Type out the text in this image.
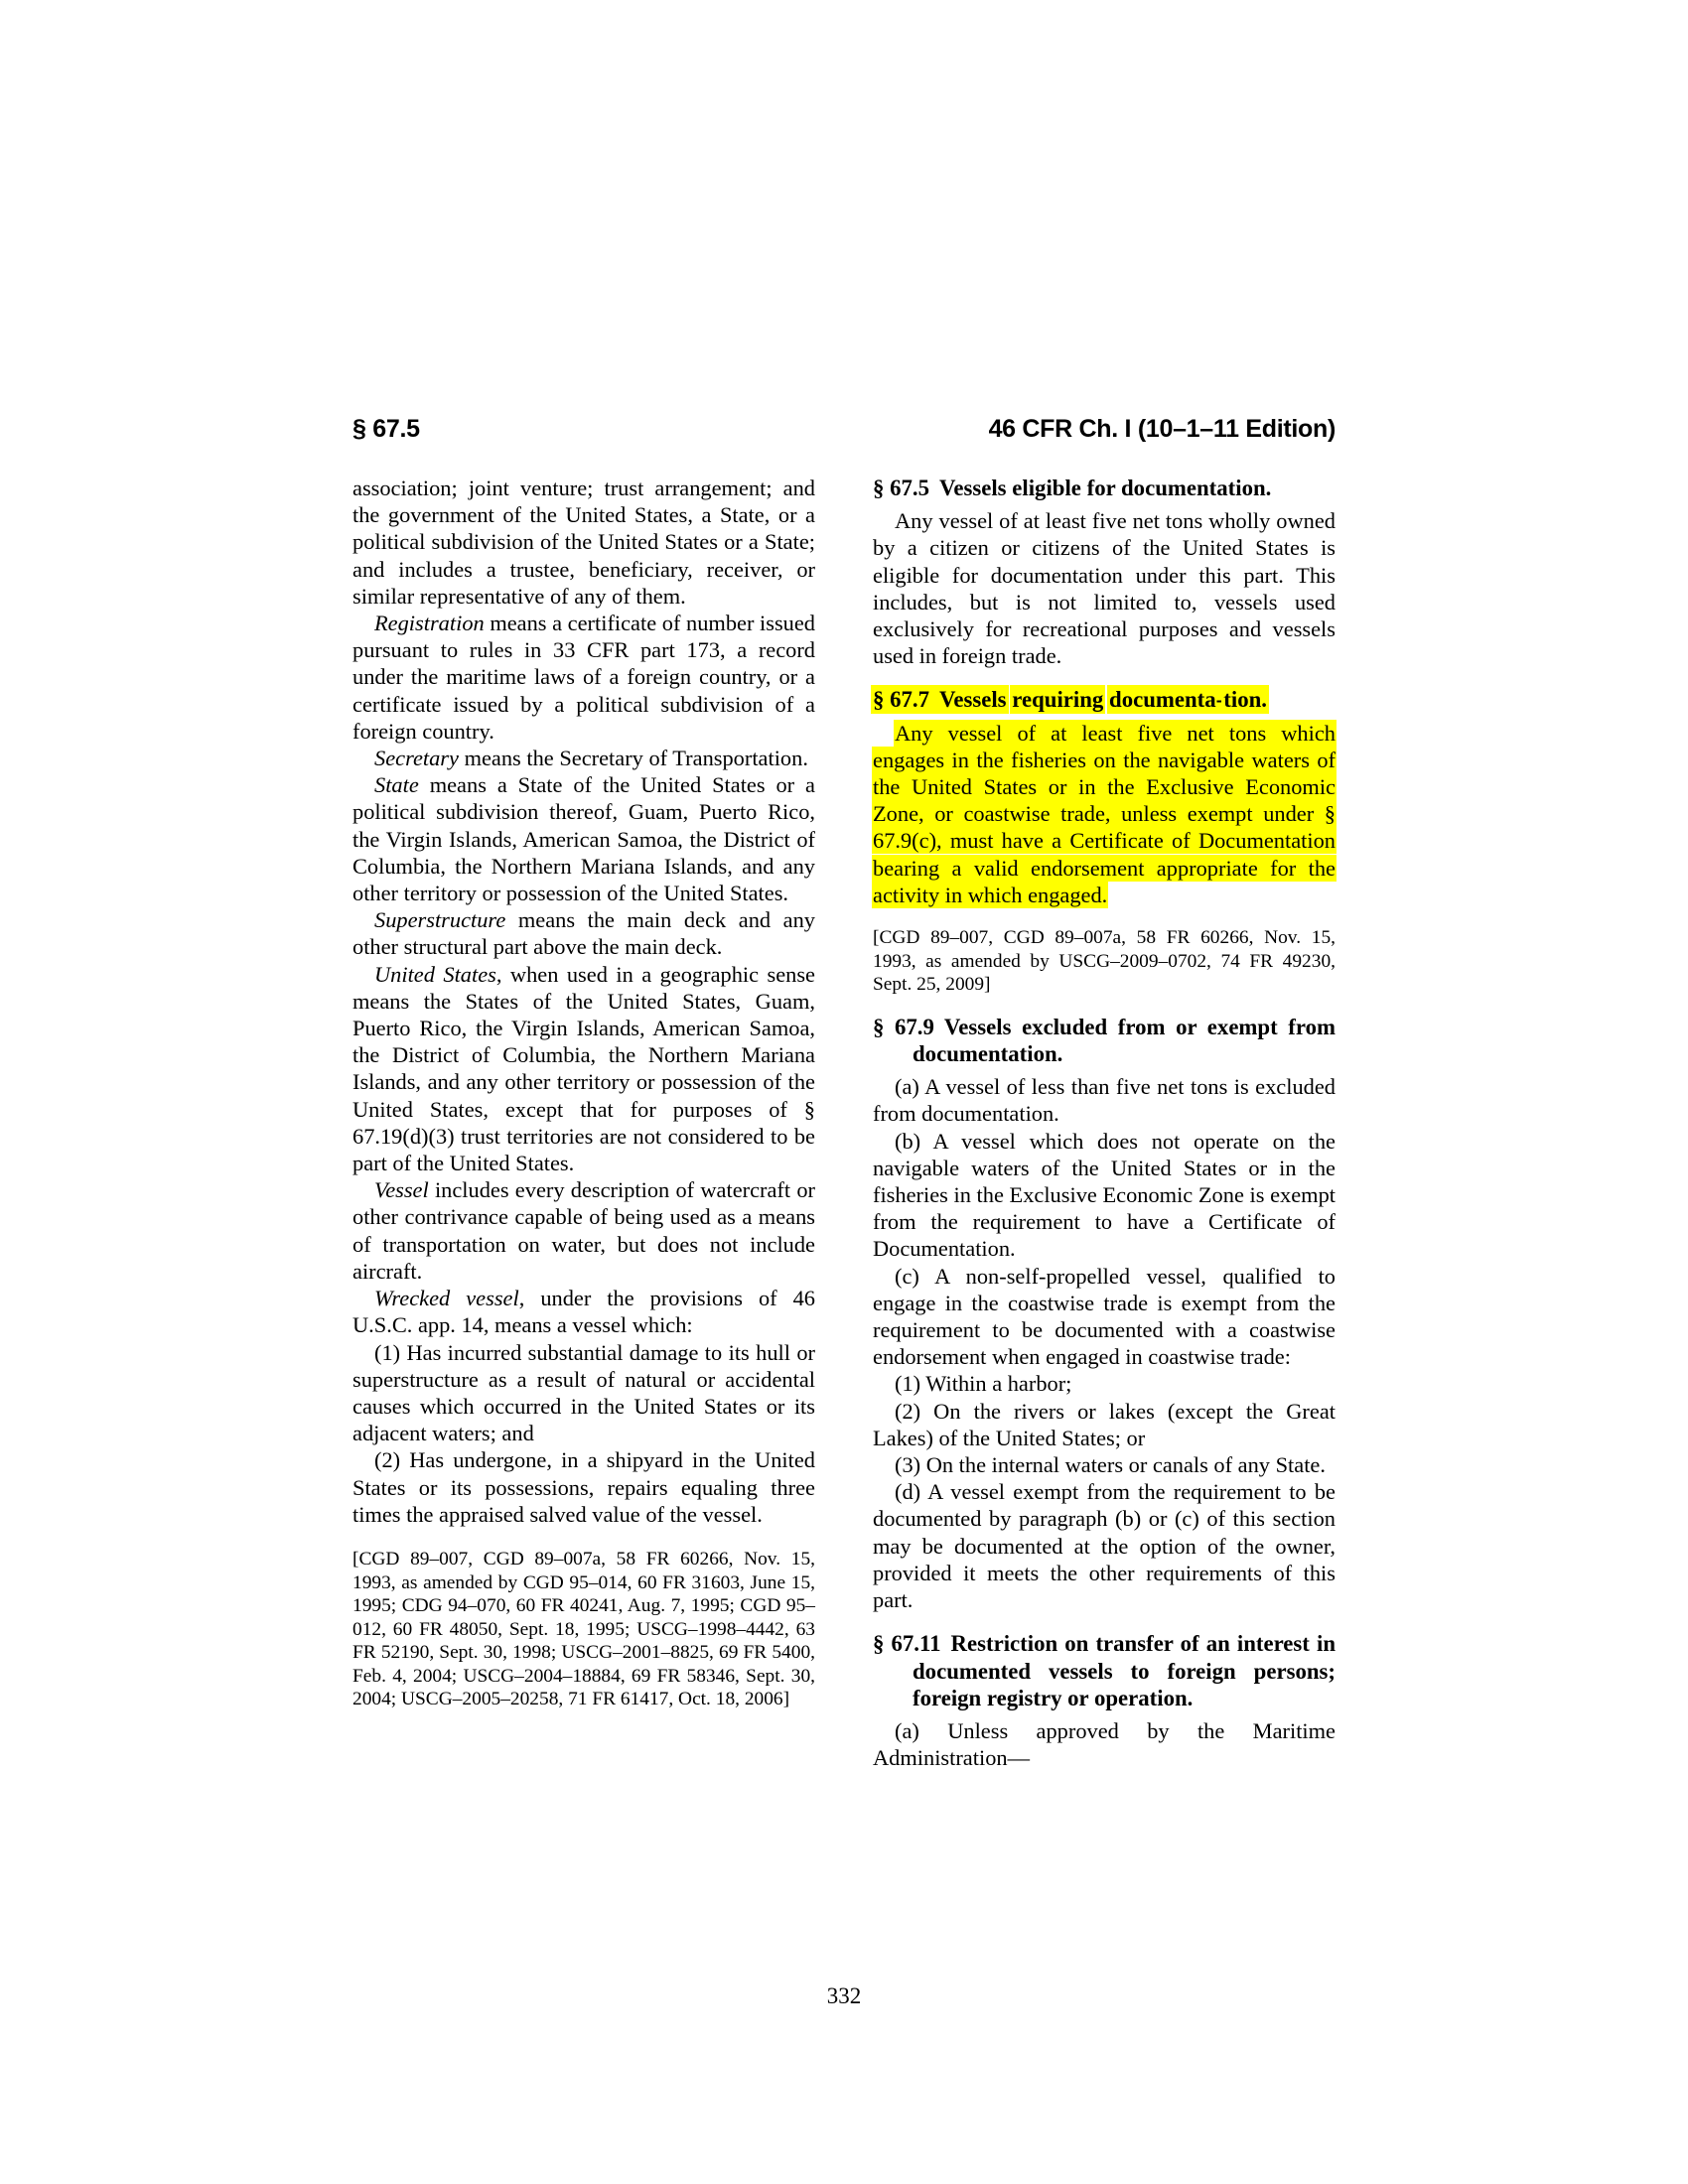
§ 67.5	46 CFR Ch. I (10–1–11 Edition)

association; joint venture; trust arrangement; and the government of the United States, a State, or a political subdivision of the United States or a State; and includes a trustee, beneficiary, receiver, or similar representative of any of them.

Registration means a certificate of number issued pursuant to rules in 33 CFR part 173, a record under the maritime laws of a foreign country, or a certificate issued by a political subdivision of a foreign country.

Secretary means the Secretary of Transportation.

State means a State of the United States or a political subdivision thereof, Guam, Puerto Rico, the Virgin Islands, American Samoa, the District of Columbia, the Northern Mariana Islands, and any other territory or possession of the United States.

Superstructure means the main deck and any other structural part above the main deck.

United States, when used in a geographic sense means the States of the United States, Guam, Puerto Rico, the Virgin Islands, American Samoa, the District of Columbia, the Northern Mariana Islands, and any other territory or possession of the United States, except that for purposes of § 67.19(d)(3) trust territories are not considered to be part of the United States.

Vessel includes every description of watercraft or other contrivance capable of being used as a means of transportation on water, but does not include aircraft.

Wrecked vessel, under the provisions of 46 U.S.C. app. 14, means a vessel which:

(1) Has incurred substantial damage to its hull or superstructure as a result of natural or accidental causes which occurred in the United States or its adjacent waters; and

(2) Has undergone, in a shipyard in the United States or its possessions, repairs equaling three times the appraised salved value of the vessel.

[CGD 89–007, CGD 89–007a, 58 FR 60266, Nov. 15, 1993, as amended by CGD 95–014, 60 FR 31603, June 15, 1995; CDG 94–070, 60 FR 40241, Aug. 7, 1995; CGD 95–012, 60 FR 48050, Sept. 18, 1995; USCG–1998–4442, 63 FR 52190, Sept. 30, 1998; USCG–2001–8825, 69 FR 5400, Feb. 4, 2004; USCG–2004–18884, 69 FR 58346, Sept. 30, 2004; USCG–2005–20258, 71 FR 61417, Oct. 18, 2006]

§ 67.5 Vessels eligible for documentation.

Any vessel of at least five net tons wholly owned by a citizen or citizens of the United States is eligible for documentation under this part. This includes, but is not limited to, vessels used exclusively for recreational purposes and vessels used in foreign trade.

§ 67.7 Vessels requiring documenta-tion.

Any vessel of at least five net tons which engages in the fisheries on the navigable waters of the United States or in the Exclusive Economic Zone, or coastwise trade, unless exempt under § 67.9(c), must have a Certificate of Documentation bearing a valid endorsement appropriate for the activity in which engaged.

[CGD 89–007, CGD 89–007a, 58 FR 60266, Nov. 15, 1993, as amended by USCG–2009–0702, 74 FR 49230, Sept. 25, 2009]

§ 67.9 Vessels excluded from or exempt from documentation.

(a) A vessel of less than five net tons is excluded from documentation.

(b) A vessel which does not operate on the navigable waters of the United States or in the fisheries in the Exclusive Economic Zone is exempt from the requirement to have a Certificate of Documentation.

(c) A non-self-propelled vessel, qualified to engage in the coastwise trade is exempt from the requirement to be documented with a coastwise endorsement when engaged in coastwise trade:

(1) Within a harbor;

(2) On the rivers or lakes (except the Great Lakes) of the United States; or

(3) On the internal waters or canals of any State.

(d) A vessel exempt from the requirement to be documented by paragraph (b) or (c) of this section may be documented at the option of the owner, provided it meets the other requirements of this part.

§ 67.11 Restriction on transfer of an interest in documented vessels to foreign persons; foreign registry or operation.

(a) Unless approved by the Maritime Administration—

332
